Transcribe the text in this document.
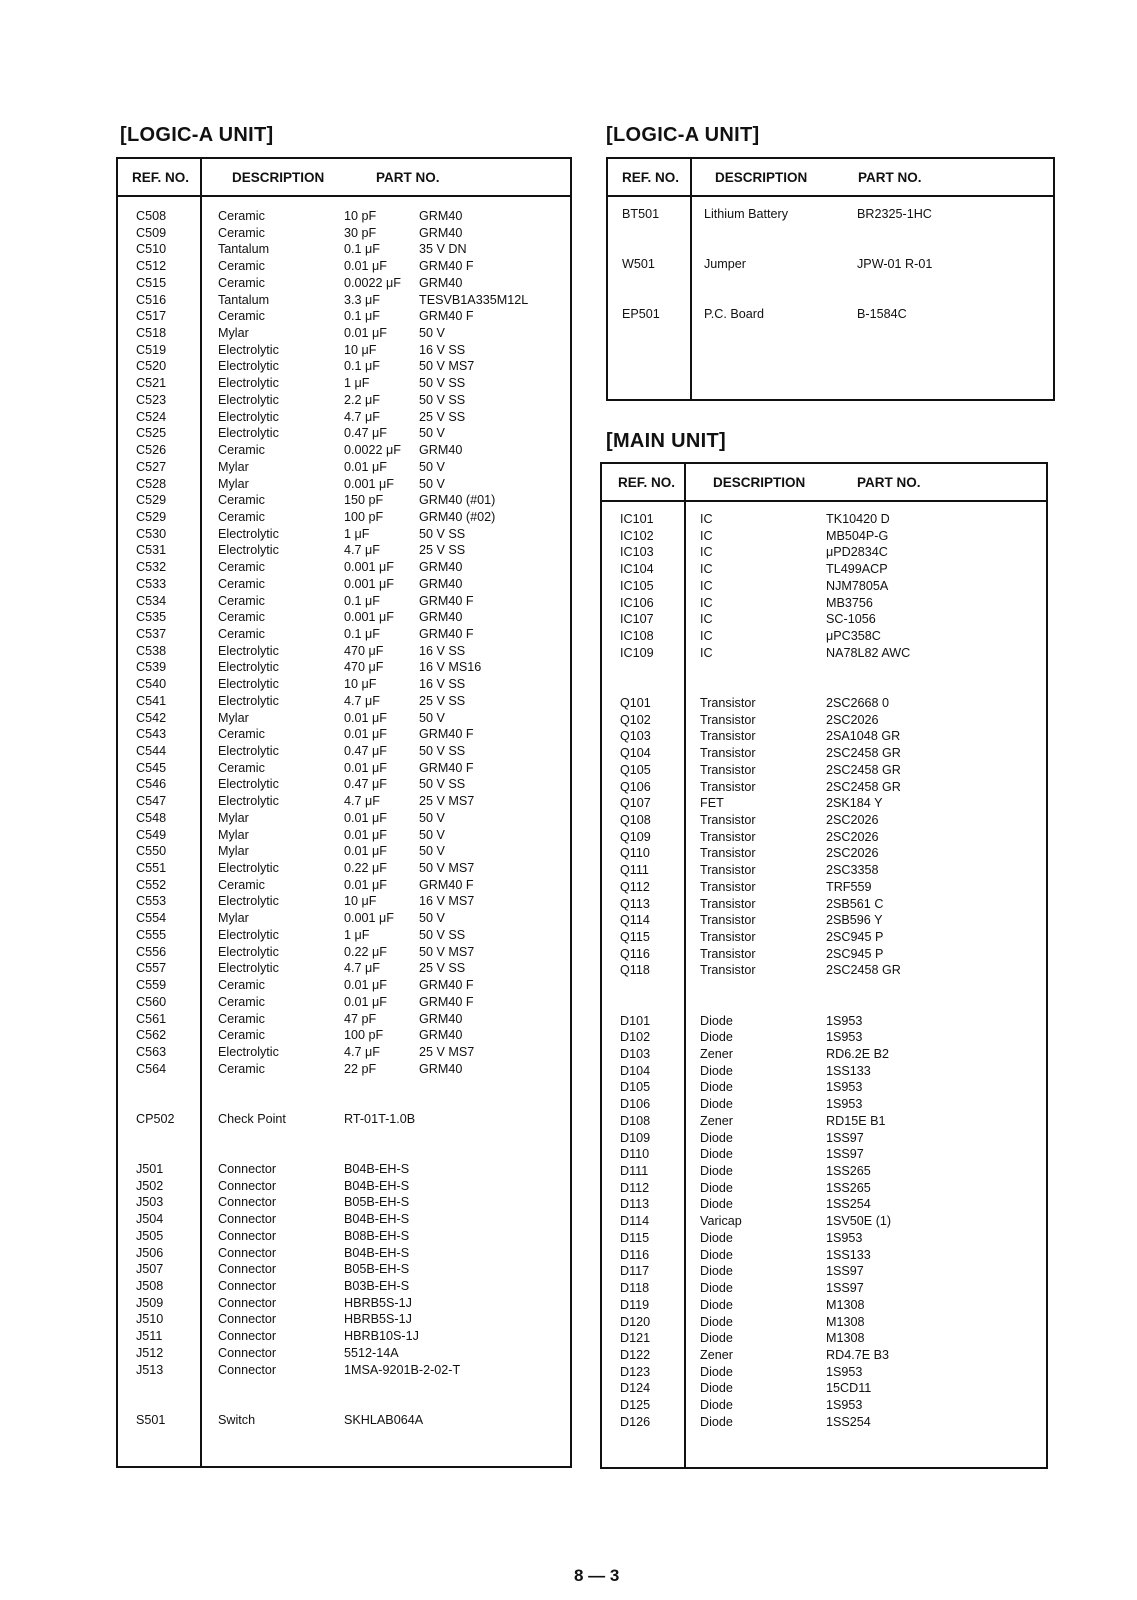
[LOGIC-A UNIT]	[LOGIC-A UNIT]
[MAIN UNIT]
REF. NO.	DESCRIPTION	PART NO.
C508	Ceramic	10 pF	GRM40
C509	Ceramic	30 pF	GRM40
C510	Tantalum	0.1 μF	35 V DN
C512	Ceramic	0.01 μF	GRM40 F
C515	Ceramic	0.0022 μF GRM40
C516	Tantalum	3.3 μF	TESVB1A335M12L
C517	Ceramic	0.1 μF	GRM40 F
C518	Mylar	0.01 μF	50 V
C519	Electrolytic	10 μF	16 V SS
C520	Electrolytic	0.1 μF	50 V MS7
C521	Electrolytic	1 μF	50 V SS
C523	Electrolytic	2.2 μF	50 V SS
C524	Electrolytic	4.7 μF	25 V SS
C525	Electrolytic	0.47 μF	50 V
C526	Ceramic	0.0022 μF GRM40
C527	Mylar	0.01 μF	50 V
C528	Mylar	0.001 μF 50 V
C529	Ceramic	150 pF	GRM40 (#01)
C529	Ceramic	100 pF	GRM40 (#02)
C530	Electrolytic	1 μF	50 V SS
C531	Electrolytic	4.7 μF	25 V SS
C532	Ceramic	0.001 μF GRM40
C533	Ceramic	0.001 μF GRM40
C534	Ceramic	0.1 μF	GRM40 F
C535	Ceramic	0.001 μF GRM40
C537	Ceramic	0.1 μF	GRM40 F
C538	Electrolytic	470 μF	16 V SS
C539	Electrolytic	470 μF	16 V MS16
C540	Electrolytic	10 μF	16 V SS
C541	Electrolytic	4.7 μF	25 V SS
C542	Mylar	0.01 μF	50 V
C543	Ceramic	0.01 μF	GRM40 F
C544	Electrolytic	0.47 μF	50 V SS
C545	Ceramic	0.01 μF	GRM40 F
C546	Electrolytic	0.47 μF	50 V SS
C547	Electrolytic	4.7 μF	25 V MS7
C548	Mylar	0.01 μF	50 V
C549	Mylar	0.01 μF	50 V
C550	Mylar	0.01 μF	50 V
C551	Electrolytic	0.22 μF	50 V MS7
C552	Ceramic	0.01 μF	GRM40 F
C553	Electrolytic	10 μF	16 V MS7
C554	Mylar	0.001 μF 50 V
C555	Electrolytic	1 μF	50 V SS
C556	Electrolytic	0.22 μF	50 V MS7
C557	Electrolytic	4.7 μF	25 V SS
C559	Ceramic	0.01 μF	GRM40 F
C560	Ceramic	0.01 μF	GRM40 F
C561	Ceramic	47 pF	GRM40
C562	Ceramic	100 pF	GRM40
C563	Electrolytic	4.7 μF	25 V MS7
C564	Ceramic	22 pF	GRM40
CP502	Check Point	RT-01T-1.0B
J501	Connector	B04B-EH-S
J502	Connector	B04B-EH-S
J503	Connector	B05B-EH-S
J504	Connector	B04B-EH-S
J505	Connector	B08B-EH-S
J506	Connector	B04B-EH-S
J507	Connector	B05B-EH-S
J508	Connector	B03B-EH-S
J509	Connector	HBRB5S-1J
J510	Connector	HBRB5S-1J
J511	Connector	HBRB10S-1J
J512	Connector	5512-14A
J513	Connector	1MSA-9201B-2-02-T
S501	Switch	SKHLAB064A
REF. NO.	DESCRIPTION	PART NO.
BT501	Lithium Battery	BR2325-1HC
W501	Jumper	JPW-01 R-01
EP501	P.C. Board	B-1584C
REF. NO.	DESCRIPTION	PART NO.
IC101	IC	TK10420 D
IC102	IC	MB504P-G
IC103	IC	μPD2834C
IC104	IC	TL499ACP
IC105	IC	NJM7805A
IC106	IC	MB3756
IC107	IC	SC-1056
IC108	IC	μPC358C
IC109	IC	NA78L82 AWC
Q101	Transistor	2SC2668 0
Q102	Transistor	2SC2026
Q103	Transistor	2SA1048 GR
Q104	Transistor	2SC2458 GR
Q105	Transistor	2SC2458 GR
Q106	Transistor	2SC2458 GR
Q107	FET	2SK184 Y
Q108	Transistor	2SC2026
Q109	Transistor	2SC2026
Q110	Transistor	2SC2026
Q111	Transistor	2SC3358
Q112	Transistor	TRF559
Q113	Transistor	2SB561 C
Q114	Transistor	2SB596 Y
Q115	Transistor	2SC945 P
Q116	Transistor	2SC945 P
Q118	Transistor	2SC2458 GR
D101	Diode	1S953
D102	Diode	1S953
D103	Zener	RD6.2E B2
D104	Diode	1SS133
D105	Diode	1S953
D106	Diode	1S953
D108	Zener	RD15E B1
D109	Diode	1SS97
D110	Diode	1SS97
D111	Diode	1SS265
D112	Diode	1SS265
D113	Diode	1SS254
D114	Varicap	1SV50E (1)
D115	Diode	1S953
D116	Diode	1SS133
D117	Diode	1SS97
D118	Diode	1SS97
D119	Diode	M1308
D120	Diode	M1308
D121	Diode	M1308
D122	Zener	RD4.7E B3
D123	Diode	1S953
D124	Diode	15CD11
D125	Diode	1S953
D126	Diode	1SS254
8 — 3
